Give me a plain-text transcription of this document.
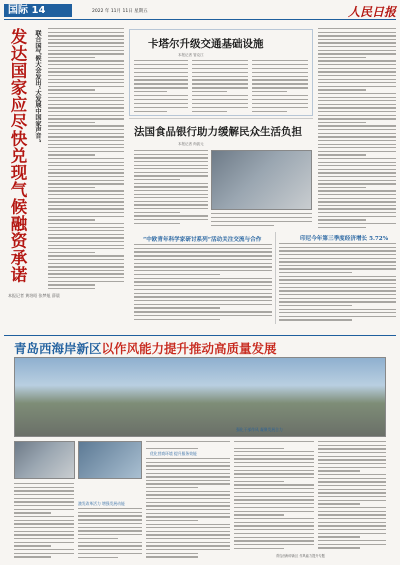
国际 14	2022 年 11月 11日 星期五	人民日报
发达国家应尽快兑现气候融资承诺	联合国气候大会发出“大发展中国家声音”
本报记者 黄培昭 张梦旭 薛晨
卡塔尔升级交通基础设施
本报记者 管克江
法国食品银行助力缓解民众生活负担
本报记者 尚凯元
“中欧青年科学家研讨系列”活动关注交流与合作	印尼今年第三季度经济增长 5.72%
青岛西海岸新区以作风能力提升推动高质量发展
激发改革活力 增强发展动能
优化营商环境 提升服务效能
强化干部作风 凝聚发展合力
青岛西海岸新区 作风能力提升专题
